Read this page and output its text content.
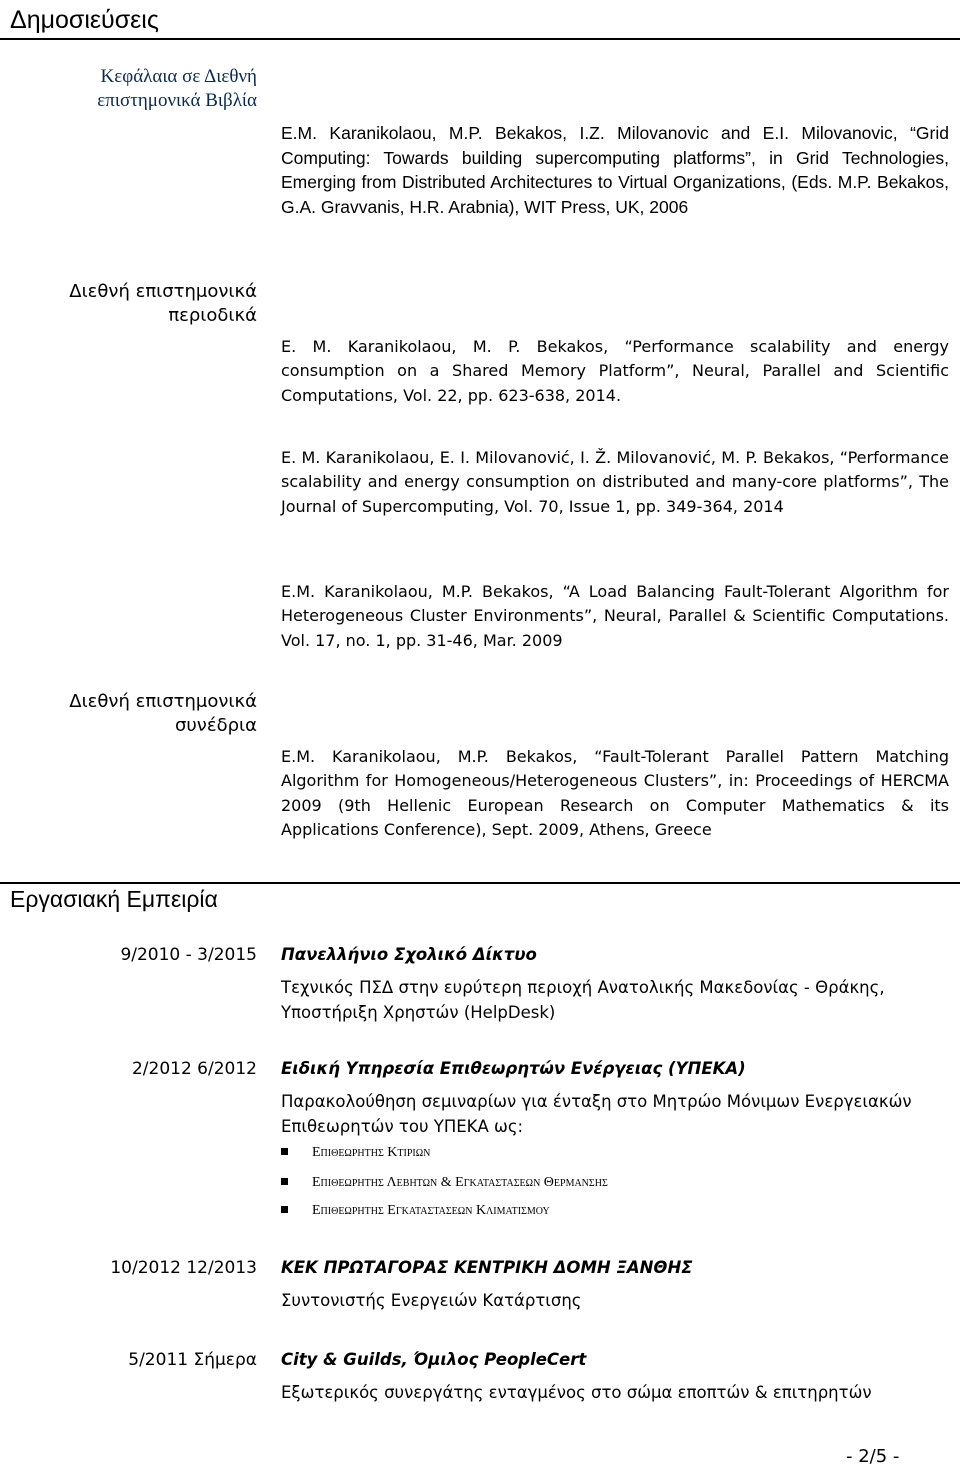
Δημοσιεύσεις
Κεφάλαια σε Διεθνή
επιστημονικά Βιβλία
E.M. Karanikolaou, M.P. Bekakos, I.Z. Milovanovic and E.I. Milovanovic, “Grid Computing: Towards building supercomputing platforms”, in Grid Technologies, Emerging from Distributed Architectures to Virtual Organizations, (Eds. M.P. Bekakos, G.A. Gravvanis, H.R. Arabnia), WIT Press, UK, 2006
Διεθνή επιστημονικά
περιοδικά
E. M. Karanikolaou, M. P. Bekakos, “Performance scalability and energy consumption on a Shared Memory Platform”, Neural, Parallel and Scientific Computations, Vol. 22, pp. 623-638, 2014.
E. M. Karanikolaou, E. I. Milovanović, I. Ž. Milovanović, M. P. Bekakos, “Performance scalability and energy consumption on distributed and many-core platforms”, The Journal of Supercomputing, Vol. 70, Issue 1, pp. 349-364, 2014
E.M. Karanikolaou, M.P. Bekakos, “A Load Balancing Fault-Tolerant Algorithm for Heterogeneous Cluster Environments”, Neural, Parallel & Scientific Computations. Vol. 17, no. 1, pp. 31-46, Mar. 2009
Διεθνή επιστημονικά
συνέδρια
E.M. Karanikolaou, M.P. Bekakos, “Fault-Tolerant Parallel Pattern Matching Algorithm for Homogeneous/Heterogeneous Clusters”, in: Proceedings of HERCMA 2009 (9th Hellenic European Research on Computer Mathematics & its Applications Conference), Sept. 2009, Athens, Greece
Εργασιακή Εμπειρία
9/2010 - 3/2015 Πανελλήνιο Σχολικό Δίκτυο
Τεχνικός ΠΣΔ στην ευρύτερη περιοχή Ανατολικής Μακεδονίας - Θράκης, Υποστήριξη Χρηστών (HelpDesk)
2/2012 6/2012 Ειδική Υπηρεσία Επιθεωρητών Ενέργειας (ΥΠΕΚΑ)
Παρακολούθηση σεμιναρίων για ένταξη στο Μητρώο Μόνιμων Ενεργειακών Επιθεωρητών του ΥΠΕΚΑ ως:
Επιθεωρητης Κτιριων
Επιθεωρητης Λεβητων & Εγκαταστασεων Θερμανσης
Επιθεωρητης Εγκαταστασεων Κλιματισμου
10/2012 12/2013 ΚΕΚ ΠΡΩΤΑΓΟΡΑΣ ΚΕΝΤΡΙΚΗ ΔΟΜΗ ΞΑΝΘΗΣ
Συντονιστής Ενεργειών Κατάρτισης
5/2011 Σήμερα City & Guilds, Όμιλος PeopleCert
Εξωτερικός συνεργάτης ενταγμένος στο σώμα εποπτών & επιτηρητών
- 2/5 -
